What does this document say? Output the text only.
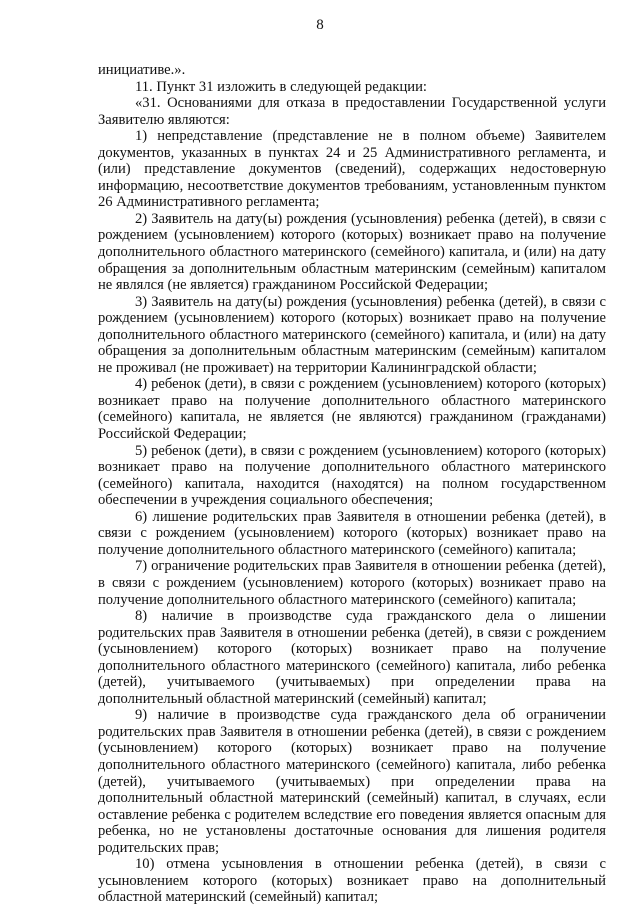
8

инициативе.».

11. Пункт 31 изложить в следующей редакции:

«31. Основаниями для отказа в предоставлении Государственной услуги Заявителю являются:

1) непредставление (представление не в полном объеме) Заявителем документов, указанных в пунктах 24 и 25 Административного регламента, и (или) представление документов (сведений), содержащих недостоверную информацию, несоответствие документов требованиям, установленным пунктом 26 Административного регламента;

2) Заявитель на дату(ы) рождения (усыновления) ребенка (детей), в связи с рождением (усыновлением) которого (которых) возникает право на получение дополнительного областного материнского (семейного) капитала, и (или) на дату обращения за дополнительным областным материнским (семейным) капиталом не являлся (не является) гражданином Российской Федерации;

3) Заявитель на дату(ы) рождения (усыновления) ребенка (детей), в связи с рождением (усыновлением) которого (которых) возникает право на получение дополнительного областного материнского (семейного) капитала, и (или) на дату обращения за дополнительным областным материнским (семейным) капиталом не проживал (не проживает) на территории Калининградской области;

4) ребенок (дети), в связи с рождением (усыновлением) которого (которых) возникает право на получение дополнительного областного материнского (семейного) капитала, не является (не являются) гражданином (гражданами) Российской Федерации;

5) ребенок (дети), в связи с рождением (усыновлением) которого (которых) возникает право на получение дополнительного областного материнского (семейного) капитала, находится (находятся) на полном государственном обеспечении в учреждения социального обеспечения;

6) лишение родительских прав Заявителя в отношении ребенка (детей), в связи с рождением (усыновлением) которого (которых) возникает право на получение дополнительного областного материнского (семейного) капитала;

7) ограничение родительских прав Заявителя в отношении ребенка (детей), в связи с рождением (усыновлением) которого (которых) возникает право на получение дополнительного областного материнского (семейного) капитала;

8) наличие в производстве суда гражданского дела о лишении родительских прав Заявителя в отношении ребенка (детей), в связи с рождением (усыновлением) которого (которых) возникает право на получение дополнительного областного материнского (семейного) капитала, либо ребенка (детей), учитываемого (учитываемых) при определении права на дополнительный областной материнский (семейный) капитал;

9) наличие в производстве суда гражданского дела об ограничении родительских прав Заявителя в отношении ребенка (детей), в связи с рождением (усыновлением) которого (которых) возникает право на получение дополнительного областного материнского (семейного) капитала, либо ребенка (детей), учитываемого (учитываемых) при определении права на дополнительный областной материнский (семейный) капитал, в случаях, если оставление ребенка с родителем вследствие его поведения является опасным для ребенка, но не установлены достаточные основания для лишения родителя родительских прав;

10) отмена усыновления в отношении ребенка (детей), в связи с усыновлением которого (которых) возникает право на дополнительный областной материнский (семейный) капитал;
